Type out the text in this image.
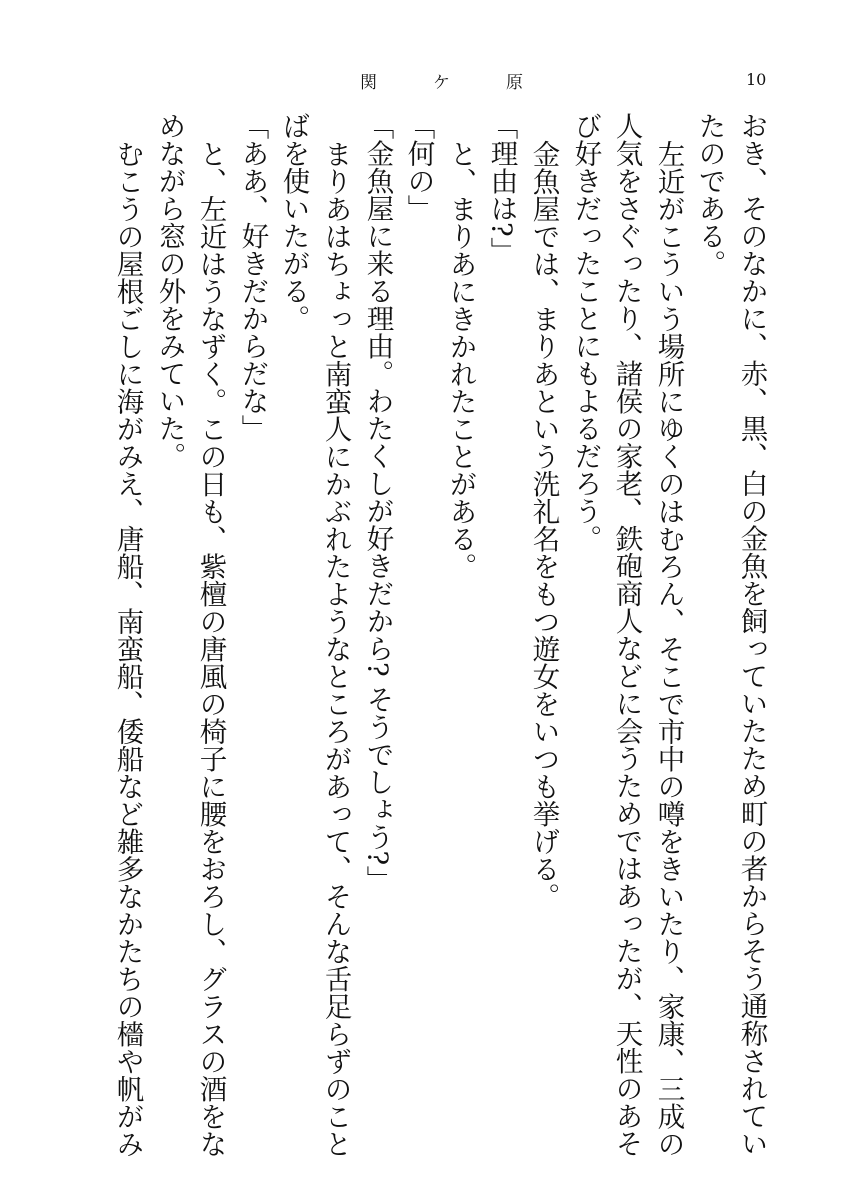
関	ケ	原	10
おき、そのなかに、赤、黒、白の金魚を飼っていたため町の者からそう通称されてい
たのである。
左近がこういう場所にゆくのはむろん、そこで市中の噂をきいたり、家康、三成の
人気をさぐったり、諸侯の家老、鉄砲商人などに会うためではあったが、天性のあそ
び好きだったことにもよるだろう。
金魚屋では、まりあという洗礼名をもつ遊女をいつも挙げる。
「理由は?」
と、まりあにきかれたことがある。
「何の」
「金魚屋に来る理由。わたくしが好きだから? そうでしょう?」
まりあはちょっと南蛮人にかぶれたようなところがあって、そんな舌足らずのこと
ばを使いたがる。
「ああ、好きだからだな」
と、左近はうなずく。この日も、紫檀の唐風の椅子に腰をおろし、グラスの酒をな
めながら窓の外をみていた。
むこうの屋根ごしに海がみえ、唐船、南蛮船、倭船など雑多なかたちの檣や帆がみ
